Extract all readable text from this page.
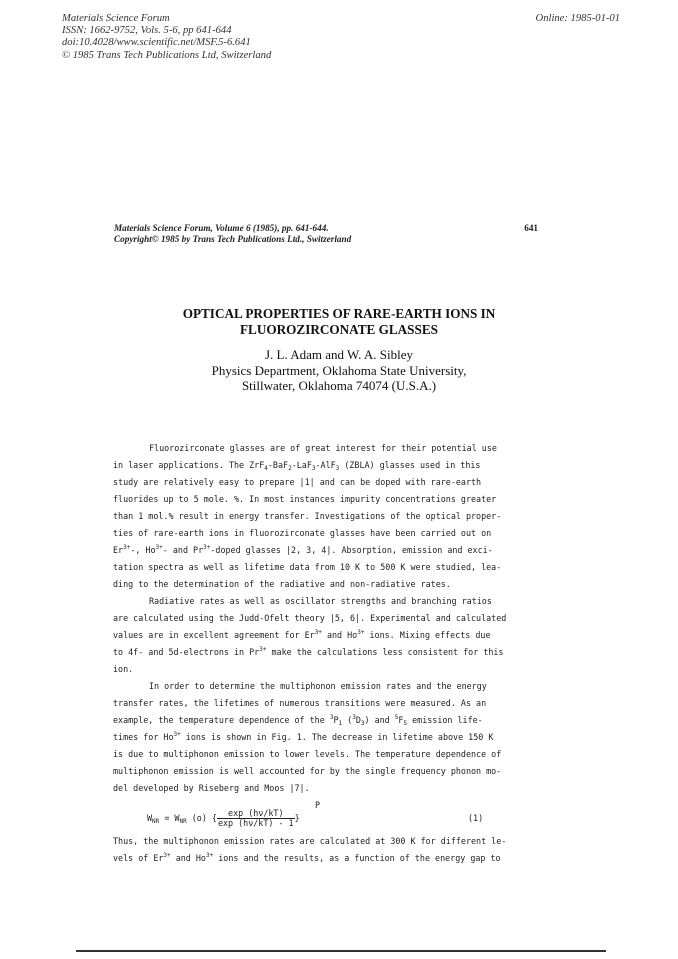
Materials Science Forum
ISSN: 1662-9752, Vols. 5-6, pp 641-644
doi:10.4028/www.scientific.net/MSF.5-6.641
© 1985 Trans Tech Publications Ltd, Switzerland
Online: 1985-01-01
Materials Science Forum, Volume 6 (1985), pp. 641-644.
Copyright© 1985 by Trans Tech Publications Ltd., Switzerland
641
OPTICAL PROPERTIES OF RARE-EARTH IONS IN
FLUOROZIRCONATE GLASSES
J. L. Adam and W. A. Sibley
Physics Department, Oklahoma State University,
Stillwater, Oklahoma 74074 (U.S.A.)
Fluorozirconate glasses are of great interest for their potential use
in laser applications. The ZrF$_4$-BaF$_2$-LaF$_3$-AlF$_3$ (ZBLA) glasses used in this
study are relatively easy to prepare |1| and can be doped with rare-earth
fluorides up to 5 mole. %. In most instances impurity concentrations greater
than 1 mol.% result in energy transfer. Investigations of the optical proper-
ties of rare-earth ions in fluorozirconate glasses have been carried out on
$Er^{3+}-$, $Ho^{3+}-$ and $Pr^{3+}$-doped glasses |2, 3, 4|. Absorption, emission and exci-
tation spectra as well as lifetime data from 10 K to 500 K were studied, lea-
ding to the determination of the radiative and non-radiative rates.
Radiative rates as well as oscillator strengths and branching ratios
are calculated using the Judd-Ofelt theory |5, 6|. Experimental and calculated
values are in excellent agreement for $Er^{3+}$ and $Ho^{3+}$ ions. Mixing effects due
to 4f- and 5d-electrons in $Pr^{3+}$ make the calculations less consistent for this
ion.
In order to determine the multiphonon emission rates and the energy
transfer rates, the lifetimes of numerous transitions were measured. As an
example, the temperature dependence of the $^3P_1$ $(^3D_3)$ and $^5F_5$ emission life-
times for $Ho^{3+}$ ions is shown in Fig. 1. The decrease in lifetime above 150 K
is due to multiphonon emission to lower levels. The temperature dependence of
multiphonon emission is well accounted for by the single frequency phonon mo-
del developed by Riseberg and Moos |7|.
P
$W_{NR} = W_{NR}$ (o) { $\frac{\exp (h\nu/kT)}{\exp (h\nu/kT) - 1}$ }	(1)
Thus, the multiphonon emission rates are calculated at 300 K for different le-
vels of $Er^{3+}$ and $Ho^{3+}$ ions and the results, as a function of the energy gap to
